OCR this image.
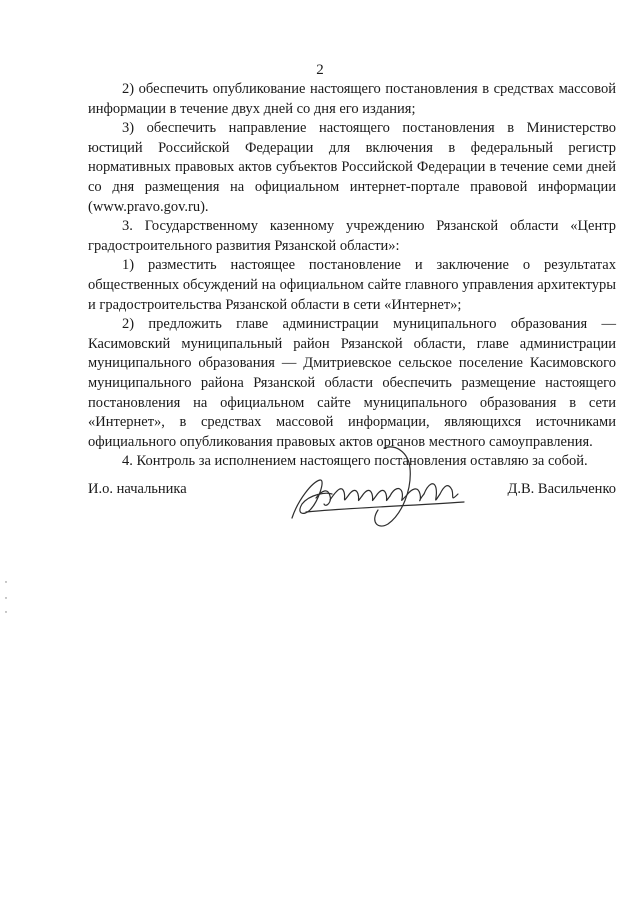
2

2) обеспечить опубликование настоящего постановления в средствах массовой информации в течение двух дней со дня его издания;

3) обеспечить направление настоящего постановления в Министерство юстиций Российской Федерации для включения в федеральный регистр нормативных правовых актов субъектов Российской Федерации в течение семи дней со дня размещения на официальном интернет-портале правовой информации (www.pravo.gov.ru).

3. Государственному казенному учреждению Рязанской области «Центр градостроительного развития Рязанской области»:

1) разместить настоящее постановление и заключение о результатах общественных обсуждений на официальном сайте главного управления архитектуры и градостроительства Рязанской области в сети «Интернет»;

2) предложить главе администрации муниципального образования — Касимовский муниципальный район Рязанской области, главе администрации муниципального образования — Дмитриевское сельское поселение Касимовского муниципального района Рязанской области обеспечить размещение настоящего постановления на официальном сайте муниципального образования в сети «Интернет», в средствах массовой информации, являющихся источниками официального опубликования правовых актов органов местного самоуправления.

4. Контроль за исполнением настоящего постановления оставляю за собой.

И.о. начальника	Д.В. Васильченко
